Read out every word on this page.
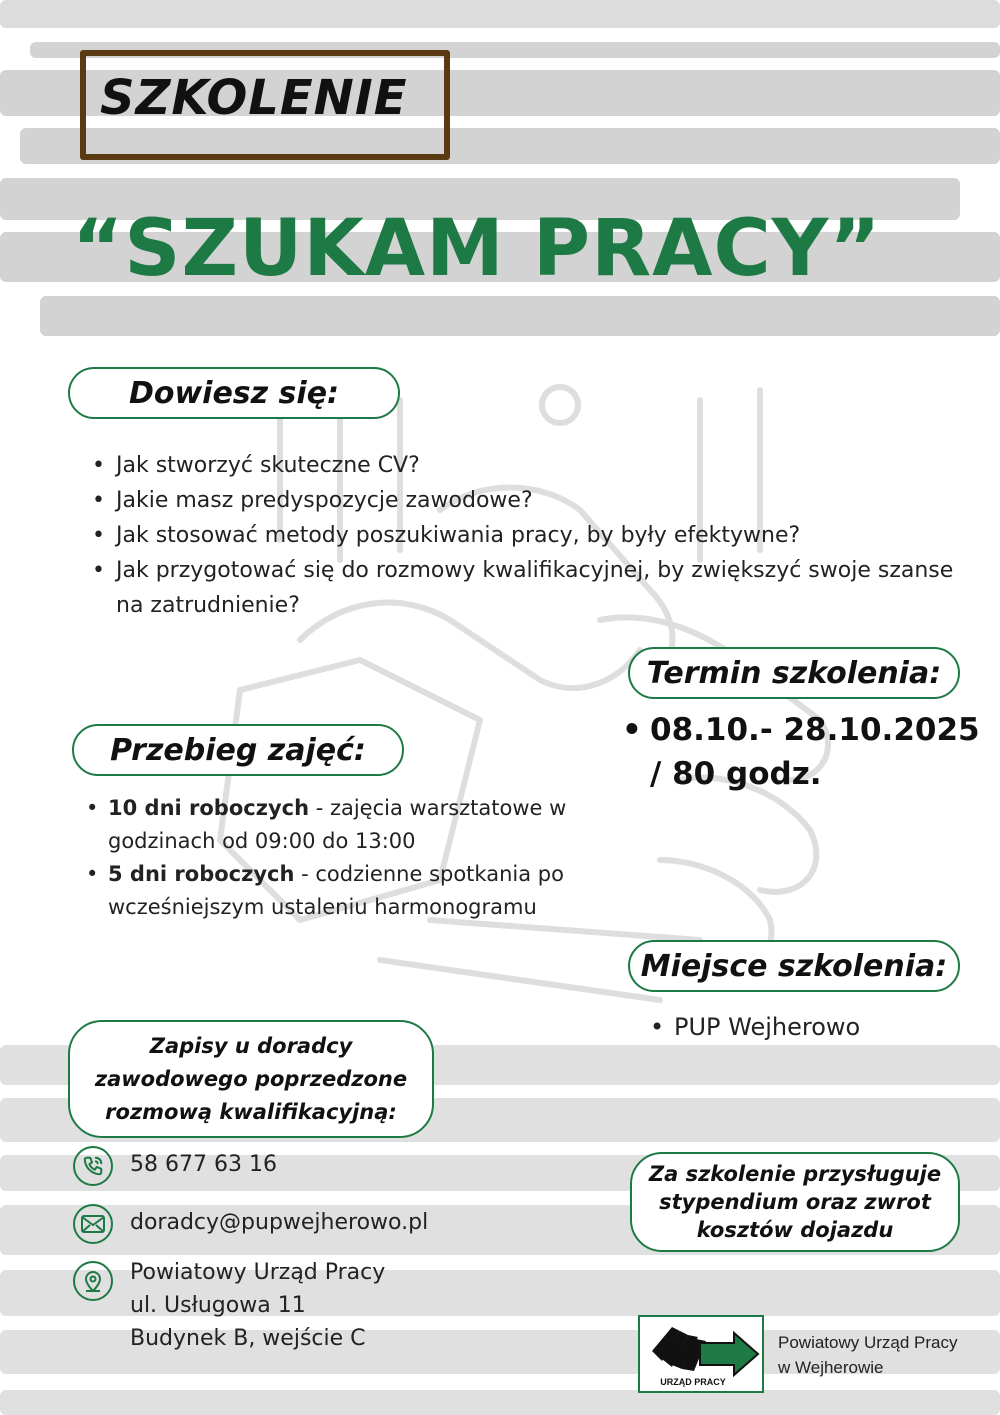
SZKOLENIE
“SZUKAM PRACY”
Dowiesz się:
• Jak stworzyć skuteczne CV?
• Jakie masz predyspozycje zawodowe?
• Jak stosować metody poszukiwania pracy, by były efektywne?
• Jak przygotować się do rozmowy kwalifikacyjnej, by zwiększyć swoje szanse na zatrudnienie?
Termin szkolenia:
• 08.10.- 28.10.2025 / 80 godz.
Przebieg zajęć:
• 10 dni roboczych - zajęcia warsztatowe w godzinach od 09:00 do 13:00
• 5 dni roboczych - codzienne spotkania po wcześniejszym ustaleniu harmonogramu
Miejsce szkolenia:
• PUP Wejherowo
Zapisy u doradcy zawodowego poprzedzone rozmową kwalifikacyjną:
58 677 63 16
doradcy@pupwejherowo.pl
Powiatowy Urząd Pracy
ul. Usługowa 11
Budynek B, wejście C
Za szkolenie przysługuje stypendium oraz zwrot kosztów dojazdu
URZĄD PRACY
Powiatowy Urząd Pracy
w Wejherowie
